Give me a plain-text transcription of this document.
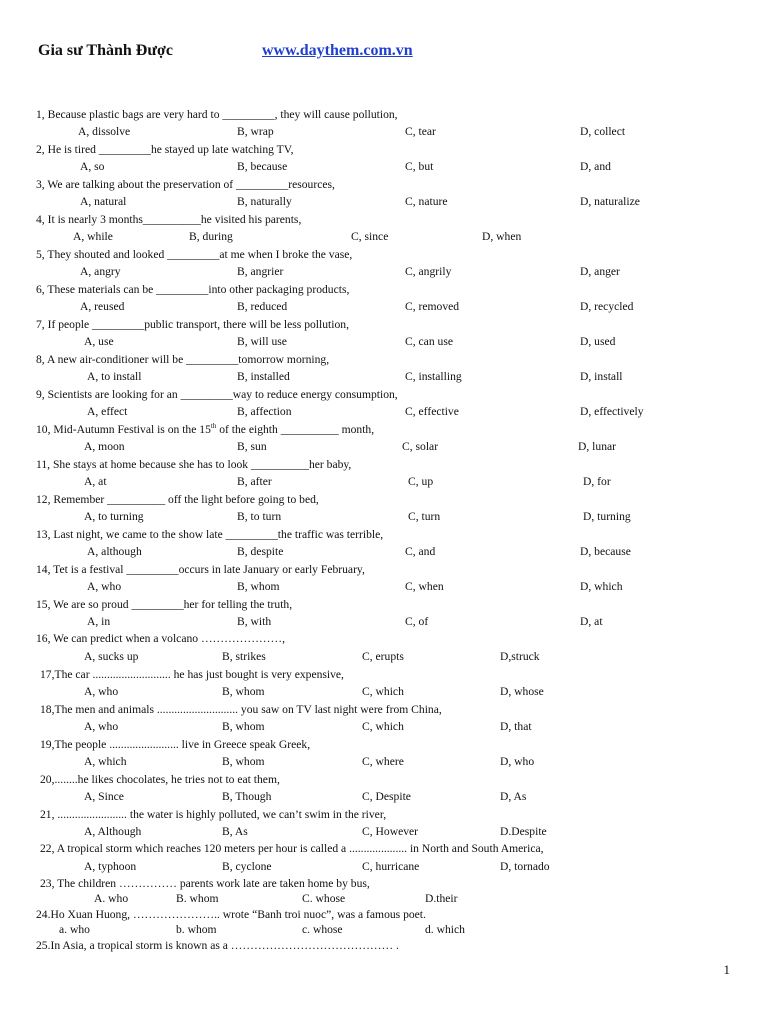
Gia sư Thành Được	www.daythem.com.vn
1, Because plastic bags are very hard to _________, they will cause pollution,
A, dissolve	B, wrap	C, tear	D, collect
2, He is tired _________he stayed up late watching TV,
A, so	B, because	C, but	D, and
3, We are talking about the preservation of _________resources,
A, natural	B, naturally	C, nature	D, naturalize
4, It is nearly 3 months__________he visited his parents,
A, while	B, during	C, since	D, when
5, They shouted and looked _________at me when I broke the vase,
A, angry	B, angrier	C, angrily	D, anger
6, These materials can be _________into other packaging products,
A, reused	B, reduced	C, removed	D, recycled
7, If people _________public transport, there will be less pollution,
A, use	B, will use	C, can use	D, used
8, A new air-conditioner will be _________tomorrow morning,
A, to install	B, installed	C, installing	D, install
9, Scientists are looking for an _________way to reduce energy consumption,
A, effect	B, affection	C, effective	D, effectively
10, Mid-Autumn Festival is on the 15th of the eighth __________ month,
A, moon	B, sun	C, solar	D, lunar
11, She stays at home because she has to look __________her baby,
A, at	B, after	C, up	D, for
12, Remember __________ off the light before going to bed,
A, to turning	B, to turn	C, turn	D, turning
13, Last night, we came to the show late _________the traffic was terrible,
A, although	B, despite	C, and	D, because
14, Tet is a festival _________occurs in late January or early February,
A, who	B, whom	C, when	D, which
15, We are so proud _________her for telling the truth,
A, in	B, with	C, of	D, at
16, We can predict when a volcano …………………,
A, sucks up	B, strikes	C, erupts	D,struck
17,The car ........................... he has just bought is very expensive,
A, who	B, whom	C, which	D, whose
18,The men and animals ............................ you saw on TV last night were from China,
A, who	B, whom	C, which	D, that
19,The people ........................ live in Greece speak Greek,
A, which	B, whom	C, where	D, who
20,........he likes chocolates, he tries not to eat them,
A, Since	B, Though	C, Despite	D, As
21, ........................ the water is highly polluted, we can’t swim in the river,
A, Although	B, As	C, However	D.Despite
22, A tropical storm which reaches 120 meters per hour is called a .................... in North and South America,
A, typhoon	B, cyclone	C, hurricane	D, tornado
23, The children …………… parents work late are taken home by bus,
A. who	B. whom	C. whose	D.their
24.Ho Xuan Huong, ………………….. wrote “Banh troi nuoc”, was a famous poet.
a. who	b. whom	c. whose	d. which
25.In Asia, a tropical storm is known as a …………………………………… .
1
